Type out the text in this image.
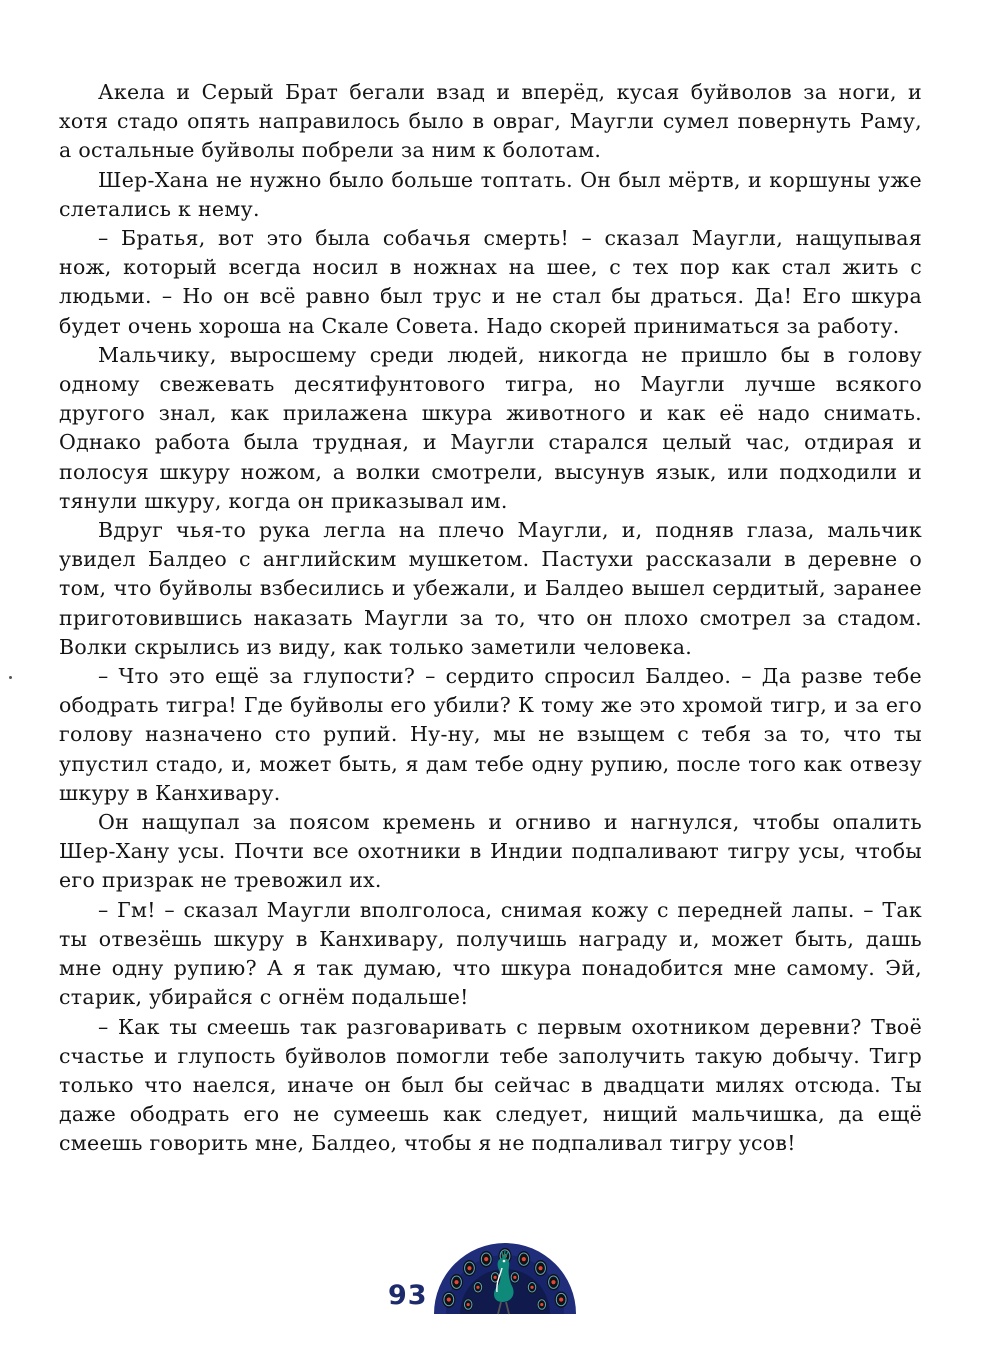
Акела и Серый Брат бегали взад и вперёд, кусая буйволов за ноги, и хотя стадо опять направилось было в овраг, Маугли сумел повернуть Раму, а остальные буйволы побрели за ним к болотам.

Шер-Хана не нужно было больше топтать. Он был мёртв, и коршуны уже слетались к нему.

– Братья, вот это была собачья смерть! – сказал Маугли, нащупывая нож, который всегда носил в ножнах на шее, с тех пор как стал жить с людьми. – Но он всё равно был трус и не стал бы драться. Да! Его шкура будет очень хороша на Скале Совета. Надо скорей приниматься за работу.

Мальчику, выросшему среди людей, никогда не пришло бы в голову одному свежевать десятифунтового тигра, но Маугли лучше всякого другого знал, как прилажена шкура животного и как её надо снимать. Однако работа была трудная, и Маугли старался целый час, отдирая и полосуя шкуру ножом, а волки смотрели, высунув язык, или подходили и тянули шкуру, когда он приказывал им.

Вдруг чья-то рука легла на плечо Маугли, и, подняв глаза, мальчик увидел Балдео с английским мушкетом. Пастухи рассказали в деревне о том, что буйволы взбесились и убежали, и Балдео вышел сердитый, заранее приготовившись наказать Маугли за то, что он плохо смотрел за стадом. Волки скрылись из виду, как только заметили человека.

– Что это ещё за глупости? – сердито спросил Балдео. – Да разве тебе ободрать тигра! Где буйволы его убили? К тому же это хромой тигр, и за его голову назначено сто рупий. Ну-ну, мы не взыщем с тебя за то, что ты упустил стадо, и, может быть, я дам тебе одну рупию, после того как отвезу шкуру в Канхивару.

Он нащупал за поясом кремень и огниво и нагнулся, чтобы опалить Шер-Хану усы. Почти все охотники в Индии подпаливают тигру усы, чтобы его призрак не тревожил их.

– Гм! – сказал Маугли вполголоса, снимая кожу с передней лапы. – Так ты отвезёшь шкуру в Канхивару, получишь награду и, может быть, дашь мне одну рупию? А я так думаю, что шкура понадобится мне самому. Эй, старик, убирайся с огнём подальше!

– Как ты смеешь так разговаривать с первым охотником деревни? Твоё счастье и глупость буйволов помогли тебе заполучить такую добычу. Тигр только что наелся, иначе он был бы сейчас в двадцати милях отсюда. Ты даже ободрать его не сумеешь как следует, нищий мальчишка, да ещё смеешь говорить мне, Балдео, чтобы я не подпаливал тигру усов!

93
